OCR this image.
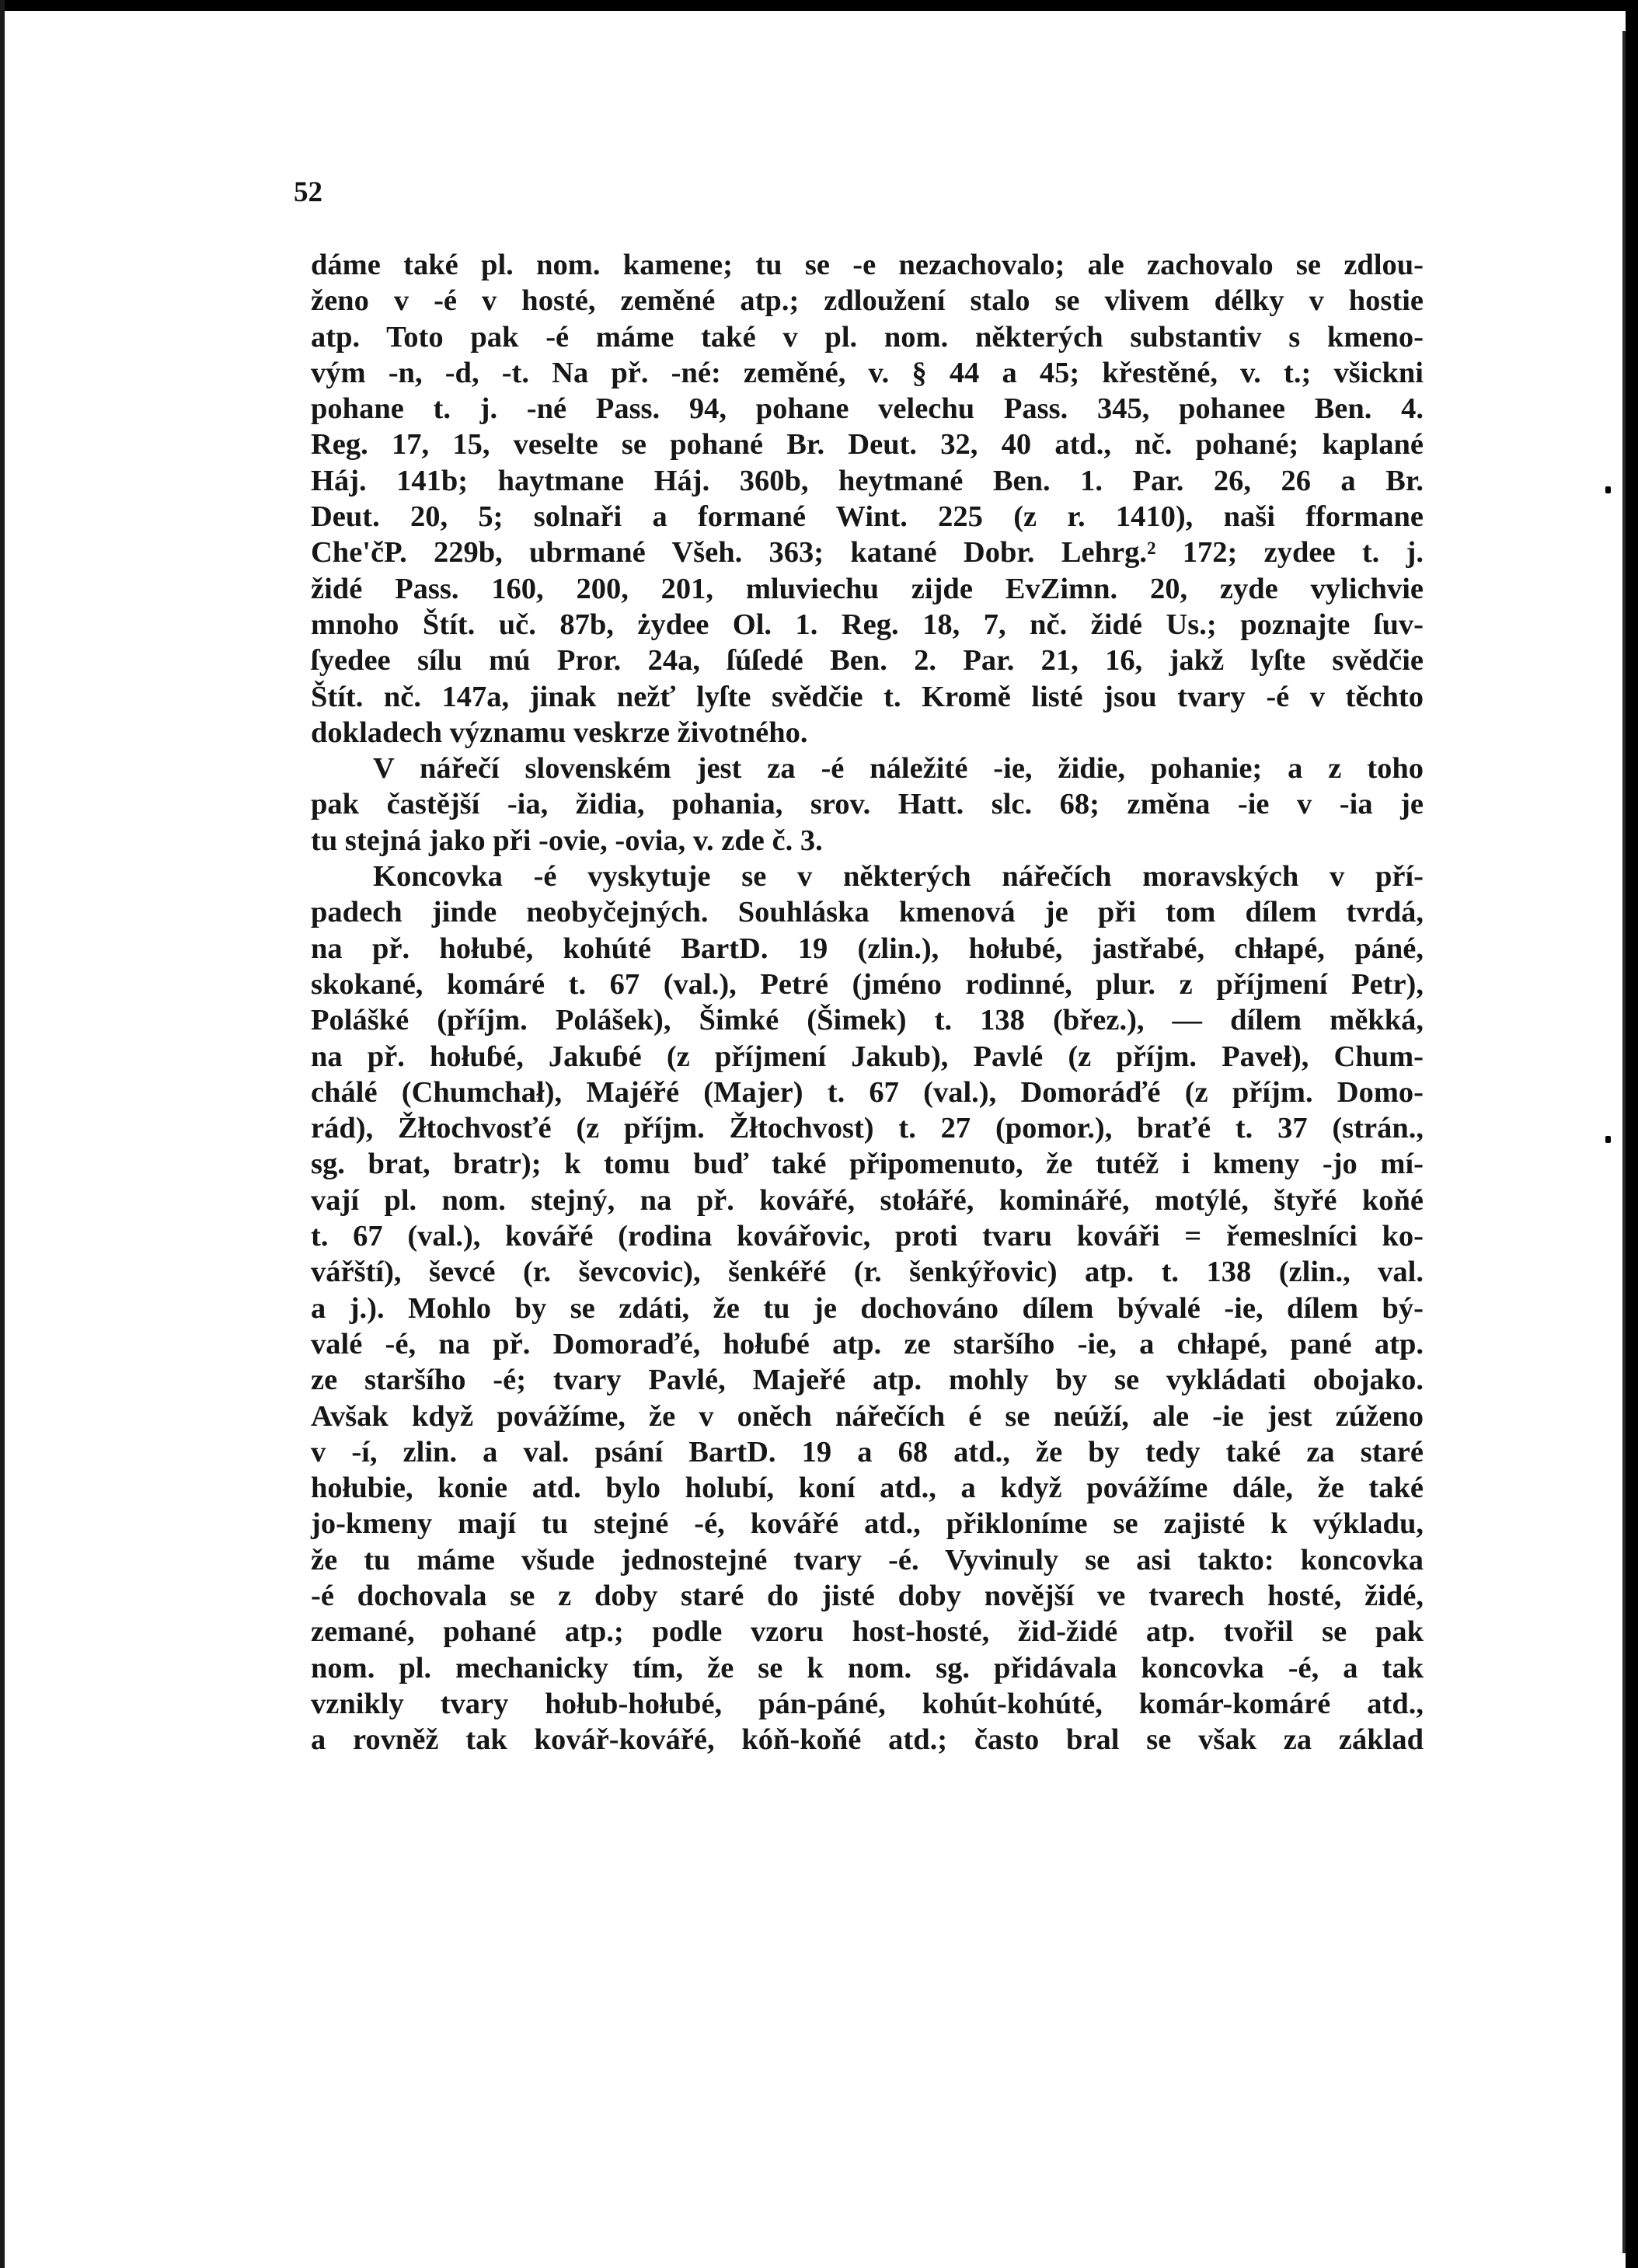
52
dáme také pl. nom. kamene; tu se -e nezachovalo; ale zachovalo se zdlou-
ženo v -é v hosté, zeměné atp.; zdloužení stalo se vlivem délky v hostie
atp. Toto pak -é máme také v pl. nom. některých substantiv s kmeno-
vým -n, -d, -t. Na př. -né: zeměné, v. § 44 a 45; křestěné, v. t.; všickni
pohane t. j. -né Pass. 94, pohane velechu Pass. 345, pohanee Ben. 4.
Reg. 17, 15, veselte se pohané Br. Deut. 32, 40 atd., nč. pohané; kaplané
Háj. 141b; haytmane Háj. 360b, heytmané Ben. 1. Par. 26, 26 a Br.
Deut. 20, 5; solnaři a formané Wint. 225 (z r. 1410), naši fformane
Che'čP. 229b, ubrmané Všeh. 363; katané Dobr. Lehrg.² 172; zydee t. j.
židé Pass. 160, 200, 201, mluviechu zijde EvZimn. 20, zyde vylichvie
mnoho Štít. uč. 87b, żydee Ol. 1. Reg. 18, 7, nč. židé Us.; poznajte ſuv-
ſyedee sílu mú Pror. 24a, ſúſedé Ben. 2. Par. 21, 16, jakž lyſte svědčie
Štít. nč. 147a, jinak nežť lyſte svědčie t. Kromě listé jsou tvary -é v těchto
dokladech významu veskrze životného.
V nářečí slovenském jest za -é náležité -ie, židie, pohanie; a z toho
pak častější -ia, židia, pohania, srov. Hatt. slc. 68; změna -ie v -ia je
tu stejná jako při -ovie, -ovia, v. zde č. 3.
Koncovka -é vyskytuje se v některých nářečích moravských v pří-
padech jinde neobyčejných. Souhláska kmenová je při tom dílem tvrdá,
na př. hołubé, kohúté BartD. 19 (zlin.), hołubé, jastřabé, chłapé, páné,
skokané, komáré t. 67 (val.), Petré (jméno rodinné, plur. z příjmení Petr),
Polášké (příjm. Polášek), Šimké (Šimek) t. 138 (břez.), — dílem měkká,
na př. hołuɓé, Jakuɓé (z příjmení Jakub), Pavlé (z příjm. Paveł), Chum-
chálé (Chumchał), Majéřé (Majer) t. 67 (val.), Domoráďé (z příjm. Domo-
rád), Žłtochvosťé (z příjm. Žłtochvost) t. 27 (pomor.), braťé t. 37 (strán.,
sg. brat, bratr); k tomu buď také připomenuto, že tutéž i kmeny -jo mí-
vají pl. nom. stejný, na př. kovářé, stołářé, kominářé, motýlé, štyřé koňé
t. 67 (val.), kovářé (rodina kovářovic, proti tvaru kováři = řemeslníci ko-
vářští), ševcé (r. ševcovic), šenkéřé (r. šenkýřovic) atp. t. 138 (zlin., val.
a j.). Mohlo by se zdáti, že tu je dochováno dílem bývalé -ie, dílem bý-
valé -é, na př. Domoraďé, hołuɓé atp. ze staršího -ie, a chłapé, pané atp.
ze staršího -é; tvary Pavlé, Majeřé atp. mohly by se vykládati obojako.
Avšak když povážíme, že v oněch nářečích é se neúží, ale -ie jest zúženo
v -í, zlin. a val. psání BartD. 19 a 68 atd., že by tedy také za staré
hołubie, konie atd. bylo holubí, koní atd., a když povážíme dále, že také
jo-kmeny mají tu stejné -é, kovářé atd., přikloníme se zajisté k výkladu,
že tu máme všude jednostejné tvary -é. Vyvinuly se asi takto: koncovka
-é dochovala se z doby staré do jisté doby novější ve tvarech hosté, židé,
zemané, pohané atp.; podle vzoru host-hosté, žid-židé atp. tvořil se pak
nom. pl. mechanicky tím, že se k nom. sg. přidávala koncovka -é, a tak
vznikly tvary hołub-hołubé, pán-páné, kohút-kohúté, komár-komáré atd.,
a rovněž tak kovář-kovářé, kóň-koňé atd.; často bral se však za základ
